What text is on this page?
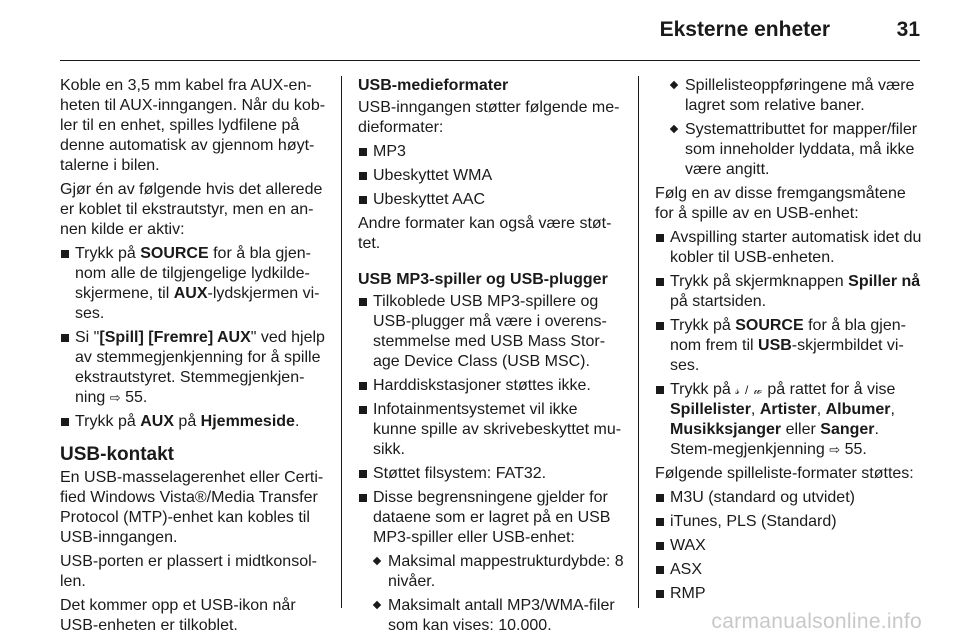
Eksterne enheter	31

Koble en 3,5 mm kabel fra AUX-en-heten til AUX-inngangen. Når du kob-ler til en enhet, spilles lydfilene på denne automatisk av gjennom høyt-talerne i bilen.

Gjør én av følgende hvis det allerede er koblet til ekstrautstyr, men en an-nen kilde er aktiv:

Trykk på SOURCE for å bla gjen-nom alle de tilgjengelige lydkilde-skjermene, til AUX-lydskjermen vi-ses.
Si "[Spill] [Fremre] AUX" ved hjelp av stemmegjenkjenning for å spille ekstrautstyret. Stemmegjenkjen-ning ⇨ 55.
Trykk på AUX på Hjemmeside.
USB-kontakt

En USB-masselagerenhet eller Certi-fied Windows Vista®/Media Transfer Protocol (MTP)-enhet kan kobles til USB-inngangen.

USB-porten er plassert i midtkonsol-len.

Det kommer opp et USB-ikon når USB-enheten er tilkoblet.

USB-medieformater

USB-inngangen støtter følgende me-dieformater:

MP3
Ubeskyttet WMA
Ubeskyttet AAC

Andre formater kan også være støt-tet.

USB MP3-spiller og USB-plugger
Tilkoblede USB MP3-spillere og USB-plugger må være i overens-stemmelse med USB Mass Stor-age Device Class (USB MSC).
Harddiskstasjoner støttes ikke.
Infotainmentsystemet vil ikke kunne spille av skrivebeskyttet mu-sikk.
Støttet filsystem: FAT32.
Disse begrensningene gjelder for dataene som er lagret på en USB MP3-spiller eller USB-enhet:
Maksimal mappestrukturdybde: 8 nivåer.
Maksimalt antall MP3/WMA-filer som kan vises: 10.000.
Spillelisteoppføringene må være lagret som relative baner.
Systemattributtet for mapper/filer som inneholder lyddata, må ikke være angitt.

Følg en av disse fremgangsmåtene for å spille av en USB-enhet:

Avspilling starter automatisk idet du kobler til USB-enheten.
Trykk på skjermknappen Spiller nå på startsiden.
Trykk på SOURCE for å bla gjen-nom frem til USB-skjermbildet vi-ses.
Trykk på 𝓈 / 𝓌 på rattet for å vise Spillelister, Artister, Albumer, Musikksjanger eller Sanger. Stem-megjenkjenning ⇨ 55.

Følgende spilleliste-formater støttes:

M3U (standard og utvidet)
iTunes, PLS (Standard)
WAX
ASX
RMP
carmanualsonline.info
